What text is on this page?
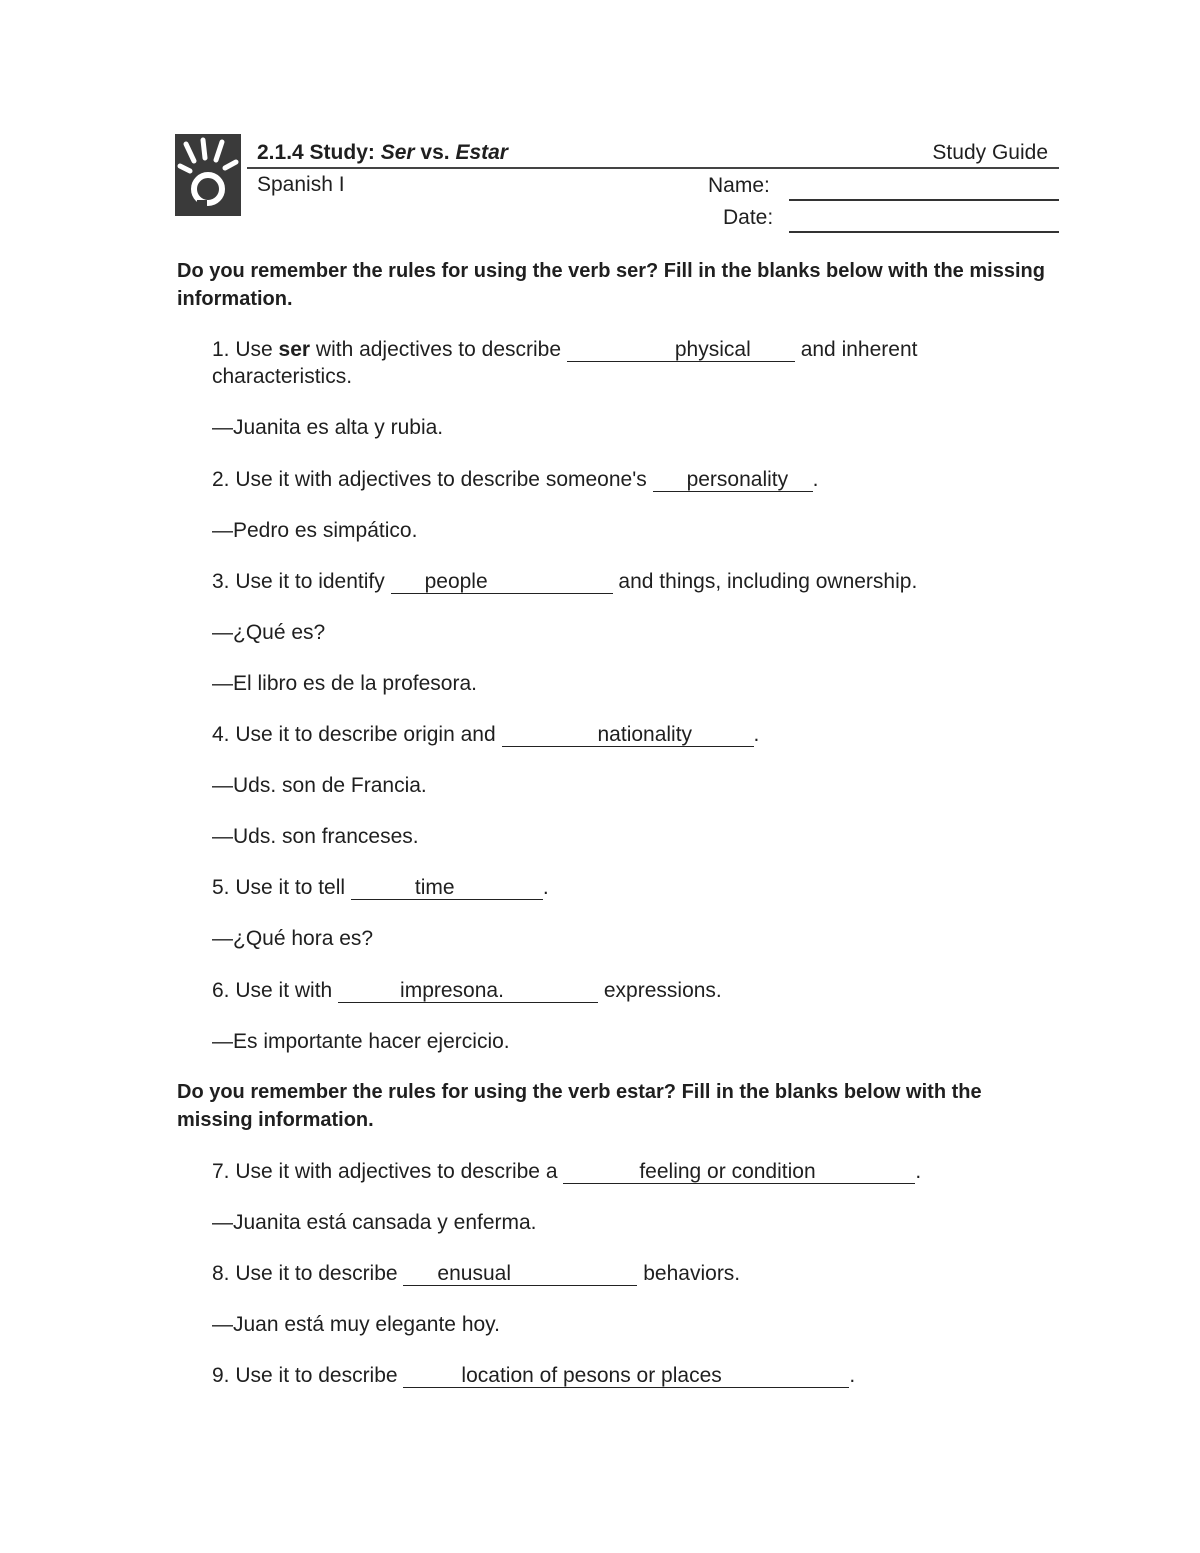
2.1.4 Study: Ser vs. Estar	Study Guide
Spanish I	Name:
Date:
Do you remember the rules for using the verb ser? Fill in the blanks below with the missing information.
1. Use ser with adjectives to describe	physical and inherent characteristics.
—Juanita es alta y rubia.
2. Use it with adjectives to describe someone's personality .
—Pedro es simpático.
3. Use it to identify people	and things, including ownership.
—¿Qué es?
—El libro es de la profesora.
4. Use it to describe origin and	nationality	.
—Uds. son de Francia.
—Uds. son franceses.
5. Use it to tell	time	.
—¿Qué hora es?
6. Use it with	impresona.	expressions.
—Es importante hacer ejercicio.
Do you remember the rules for using the verb estar? Fill in the blanks below with the missing information.
7. Use it with adjectives to describe a	feeling or condition	.
—Juanita está cansada y enferma.
8. Use it to describe enusual	behaviors.
—Juan está muy elegante hoy.
9. Use it to describe	location of pesons or places	.
